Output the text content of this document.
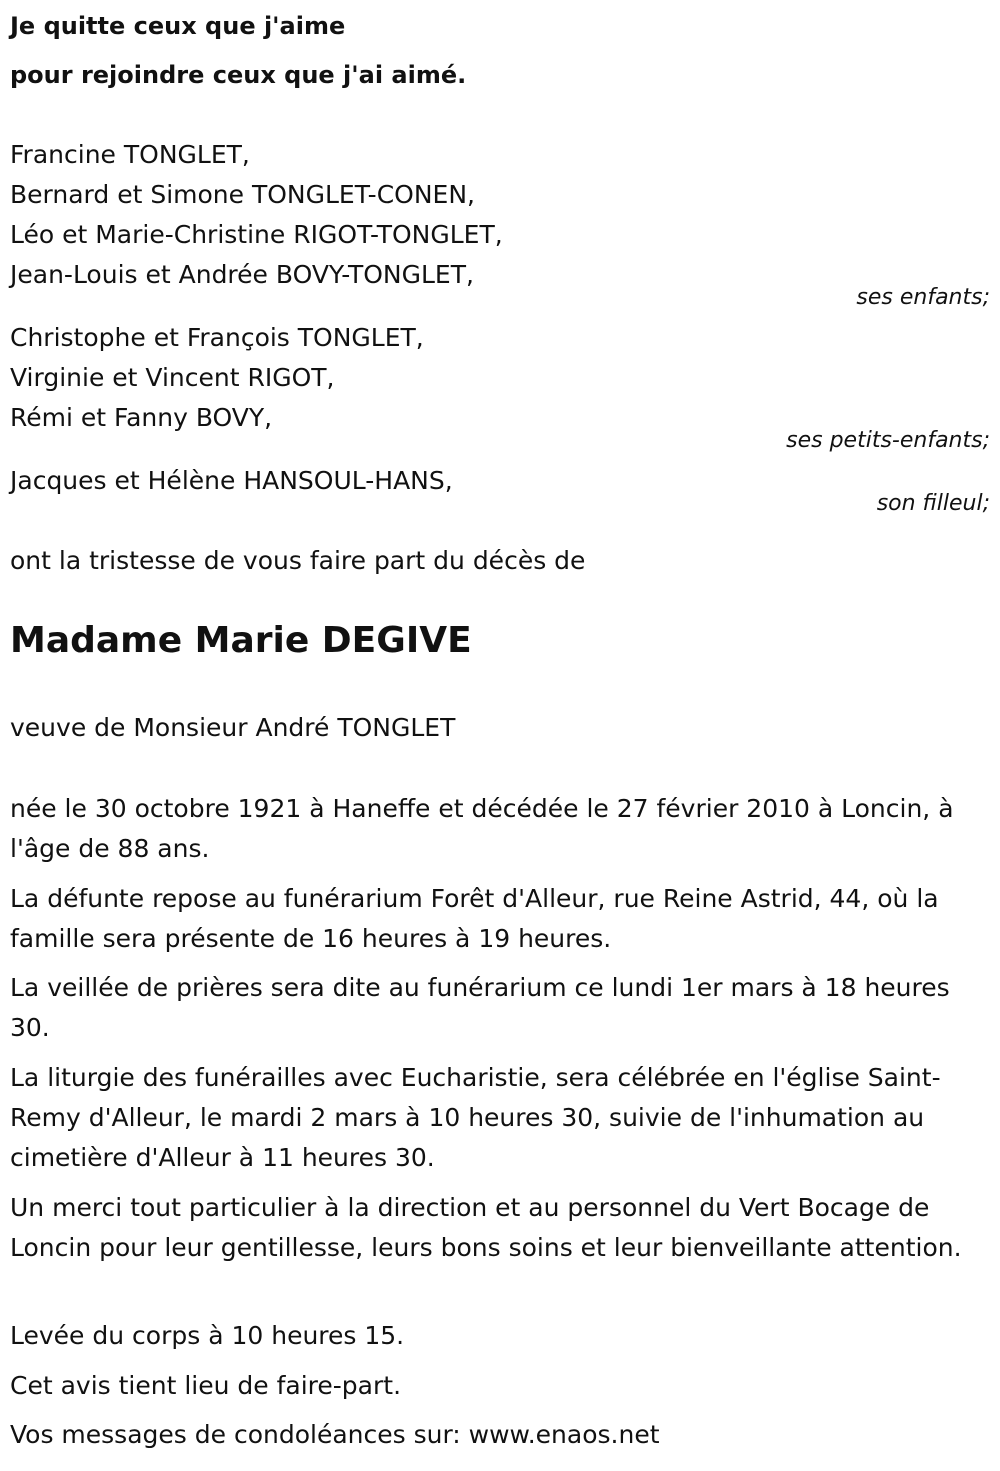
Je quitte ceux que j'aime

pour rejoindre ceux que j'ai aimé.

Francine TONGLET,
Bernard et Simone TONGLET-CONEN,
Léo et Marie-Christine RIGOT-TONGLET,
Jean-Louis et Andrée BOVY-TONGLET,
ses enfants;
Christophe et François TONGLET,
Virginie et Vincent RIGOT,
Rémi et Fanny BOVY,
ses petits-enfants;
Jacques et Hélène HANSOUL-HANS,
son filleul;
ont la tristesse de vous faire part du décès de
Madame Marie DEGIVE
veuve de Monsieur André TONGLET

née le 30 octobre 1921 à Haneffe et décédée le 27 février 2010 à Loncin, à l'âge de 88 ans.

La défunte repose au funérarium Forêt d'Alleur, rue Reine Astrid, 44, où la famille sera présente de 16 heures à 19 heures.

La veillée de prières sera dite au funérarium ce lundi 1er mars à 18 heures 30.

La liturgie des funérailles avec Eucharistie, sera célébrée en l'église Saint-Remy d'Alleur, le mardi 2 mars à 10 heures 30, suivie de l'inhumation au cimetière d'Alleur à 11 heures 30.

Un merci tout particulier à la direction et au personnel du Vert Bocage de Loncin pour leur gentillesse, leurs bons soins et leur bienveillante attention.

Levée du corps à 10 heures 15.

Cet avis tient lieu de faire-part.

Vos messages de condoléances sur: www.enaos.net
